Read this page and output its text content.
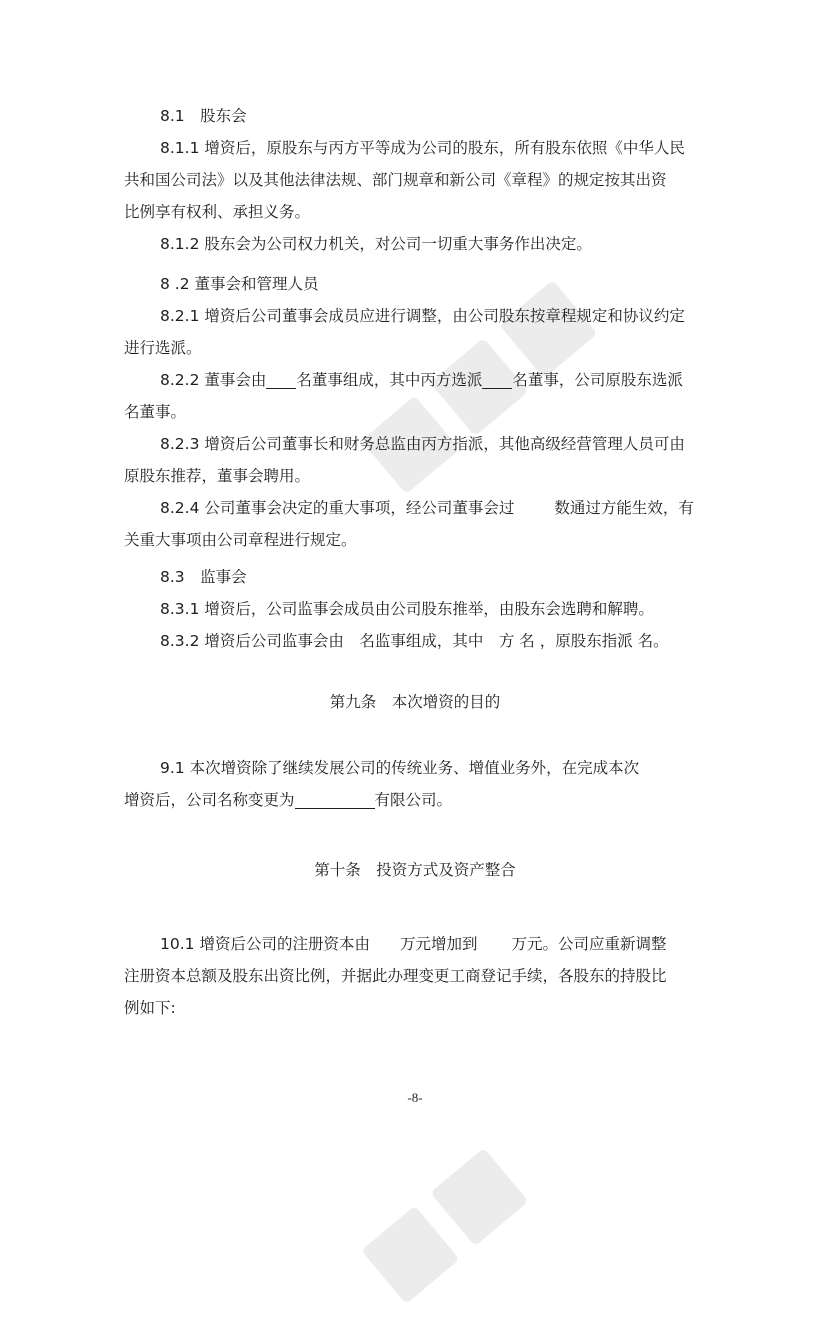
8.1　股东会
8.1.1 增资后，原股东与丙方平等成为公司的股东，所有股东依照《中华人民
共和国公司法》以及其他法律法规、部门规章和新公司《章程》的规定按其出资
比例享有权利、承担义务。
8.1.2 股东会为公司权力机关，对公司一切重大事务作出决定。
8 .2 董事会和管理人员
8.2.1 增资后公司董事会成员应进行调整，由公司股东按章程规定和协议约定
进行选派。
8.2.2 董事会由 名董事组成，其中丙方选派 名董事，公司原股东选派
名董事。
8.2.3 增资后公司董事长和财务总监由丙方指派，其他高级经营管理人员可由
原股东推荐，董事会聘用。
8.2.4 公司董事会决定的重大事项，经公司董事会过	数通过方能生效，有
关重大事项由公司章程进行规定。
8.3　监事会
8.3.1 增资后，公司监事会成员由公司股东推举，由股东会选聘和解聘。
8.3.2 增资后公司监事会由　名监事组成，其中　方 名 ，原股东指派 名。
第九条　本次增资的目的
9.1 本次增资除了继续发展公司的传统业务、增值业务外，在完成本次
增资后，公司名称变更为	有限公司。
第十条　投资方式及资产整合
10.1 增资后公司的注册资本由 万元增加到 万元。公司应重新调整
注册资本总额及股东出资比例，并据此办理变更工商登记手续，各股东的持股比
例如下:
-8-
